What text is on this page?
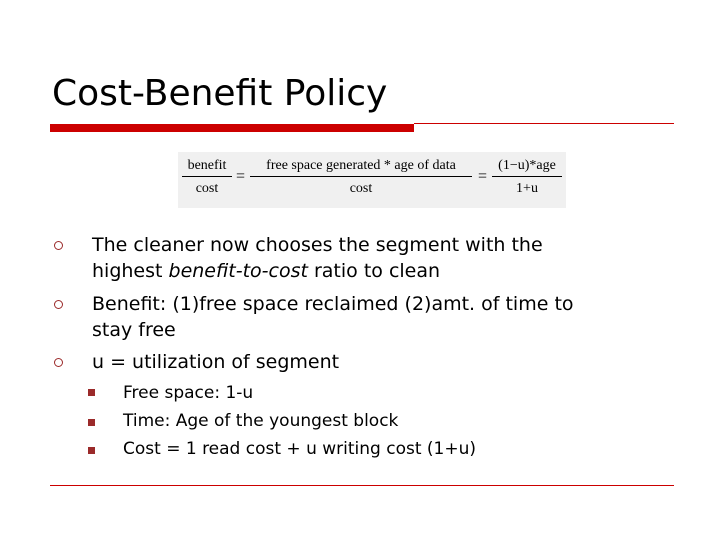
Cost-Benefit Policy
benefit
cost
=
free space generated * age of data
cost
=
(1−u)*age
1+u
The cleaner now chooses the segment with the
highest benefit-to-cost ratio to clean
Benefit: (1)free space reclaimed (2)amt. of time to
stay free
u = utilization of segment
Free space: 1-u
Time: Age of the youngest block
Cost = 1 read cost + u writing cost (1+u)
